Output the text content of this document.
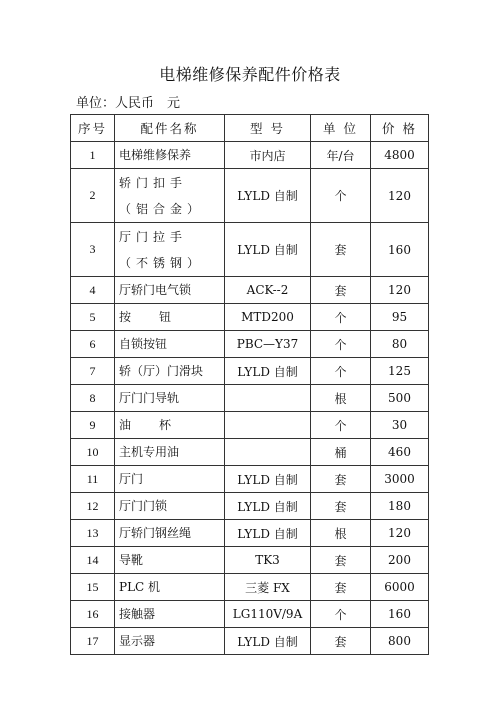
电梯维修保养配件价格表
单位：人民币　元
序号	配件名称	型 号	单 位	价 格
1	电梯维修保养	市内店	年/台	4800
2	轿门扣手（铝合金）	LYLD 自制	个	120
3	厅门拉手（不锈钢）	LYLD 自制	套	160
4	厅轿门电气锁	ACK--2	套	120
5	按钮	MTD200	个	95
6	自锁按钮	PBC—Y37	个	80
7	轿（厅）门滑块	LYLD 自制	个	125
8	厅门门导轨		根	500
9	油杯		个	30
10	主机专用油		桶	460
11	厅门	LYLD 自制	套	3000
12	厅门门锁	LYLD 自制	套	180
13	厅轿门钢丝绳	LYLD 自制	根	120
14	导靴	TK3	套	200
15	PLC 机	三菱 FX	套	6000
16	接触器	LG110V/9A	个	160
17	显示器	LYLD 自制	套	800
